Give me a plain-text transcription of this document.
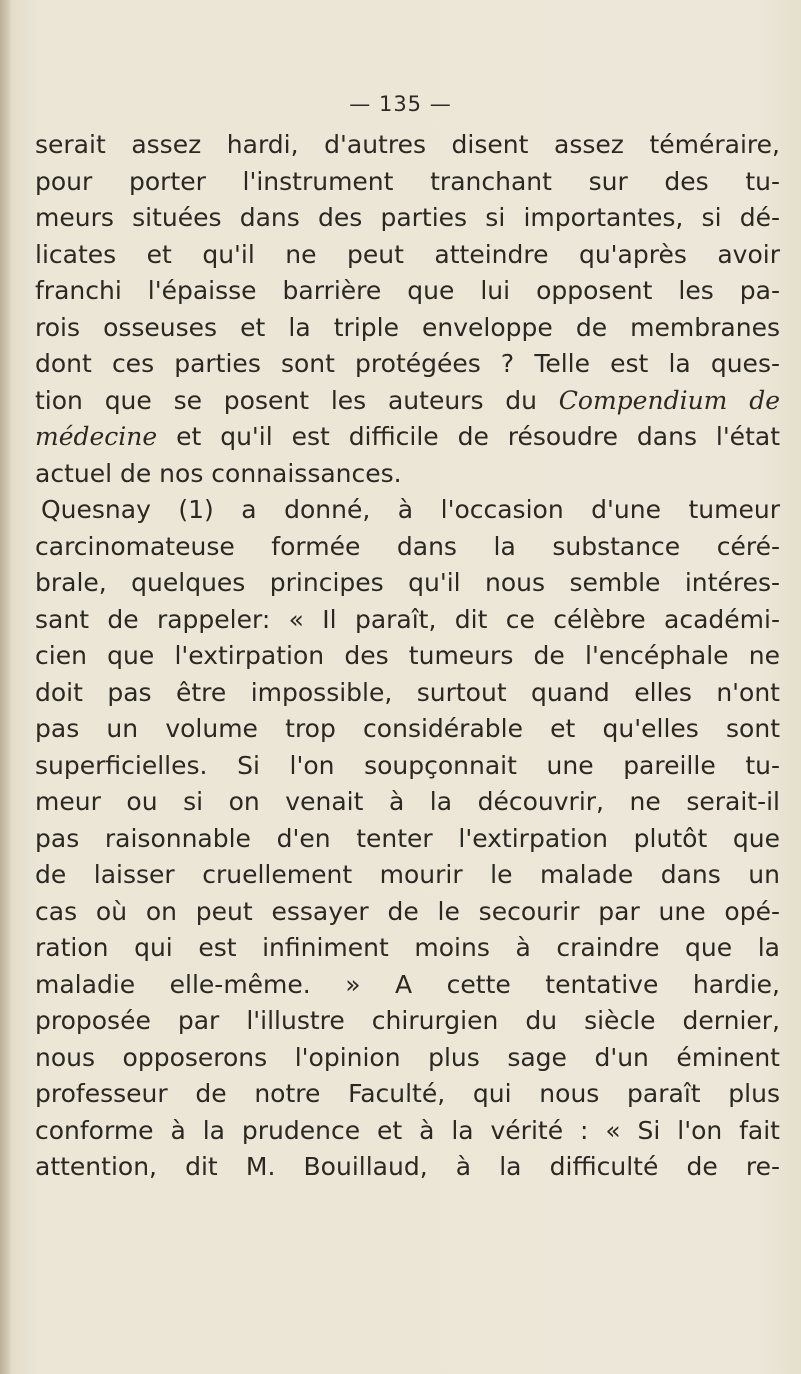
— 135 —
serait assez hardi, d'autres disent assez téméraire,
pour porter l'instrument tranchant sur des tu-
meurs situées dans des parties si importantes, si dé-
licates et qu'il ne peut atteindre qu'après avoir
franchi l'épaisse barrière que lui opposent les pa-
rois osseuses et la triple enveloppe de membranes
dont ces parties sont protégées ? Telle est la ques-
tion que se posent les auteurs du Compendium de
médecine et qu'il est difficile de résoudre dans l'état
actuel de nos connaissances.
Quesnay (1) a donné, à l'occasion d'une tumeur
carcinomateuse formée dans la substance céré-
brale, quelques principes qu'il nous semble intéres-
sant de rappeler: « Il paraît, dit ce célèbre académi-
cien que l'extirpation des tumeurs de l'encéphale ne
doit pas être impossible, surtout quand elles n'ont
pas un volume trop considérable et qu'elles sont
superficielles. Si l'on soupçonnait une pareille tu-
meur ou si on venait à la découvrir, ne serait-il
pas raisonnable d'en tenter l'extirpation plutôt que
de laisser cruellement mourir le malade dans un
cas où on peut essayer de le secourir par une opé-
ration qui est infiniment moins à craindre que la
maladie elle-même. » A cette tentative hardie,
proposée par l'illustre chirurgien du siècle dernier,
nous opposerons l'opinion plus sage d'un éminent
professeur de notre Faculté, qui nous paraît plus
conforme à la prudence et à la vérité : « Si l'on fait
attention, dit M. Bouillaud, à la difficulté de re-
